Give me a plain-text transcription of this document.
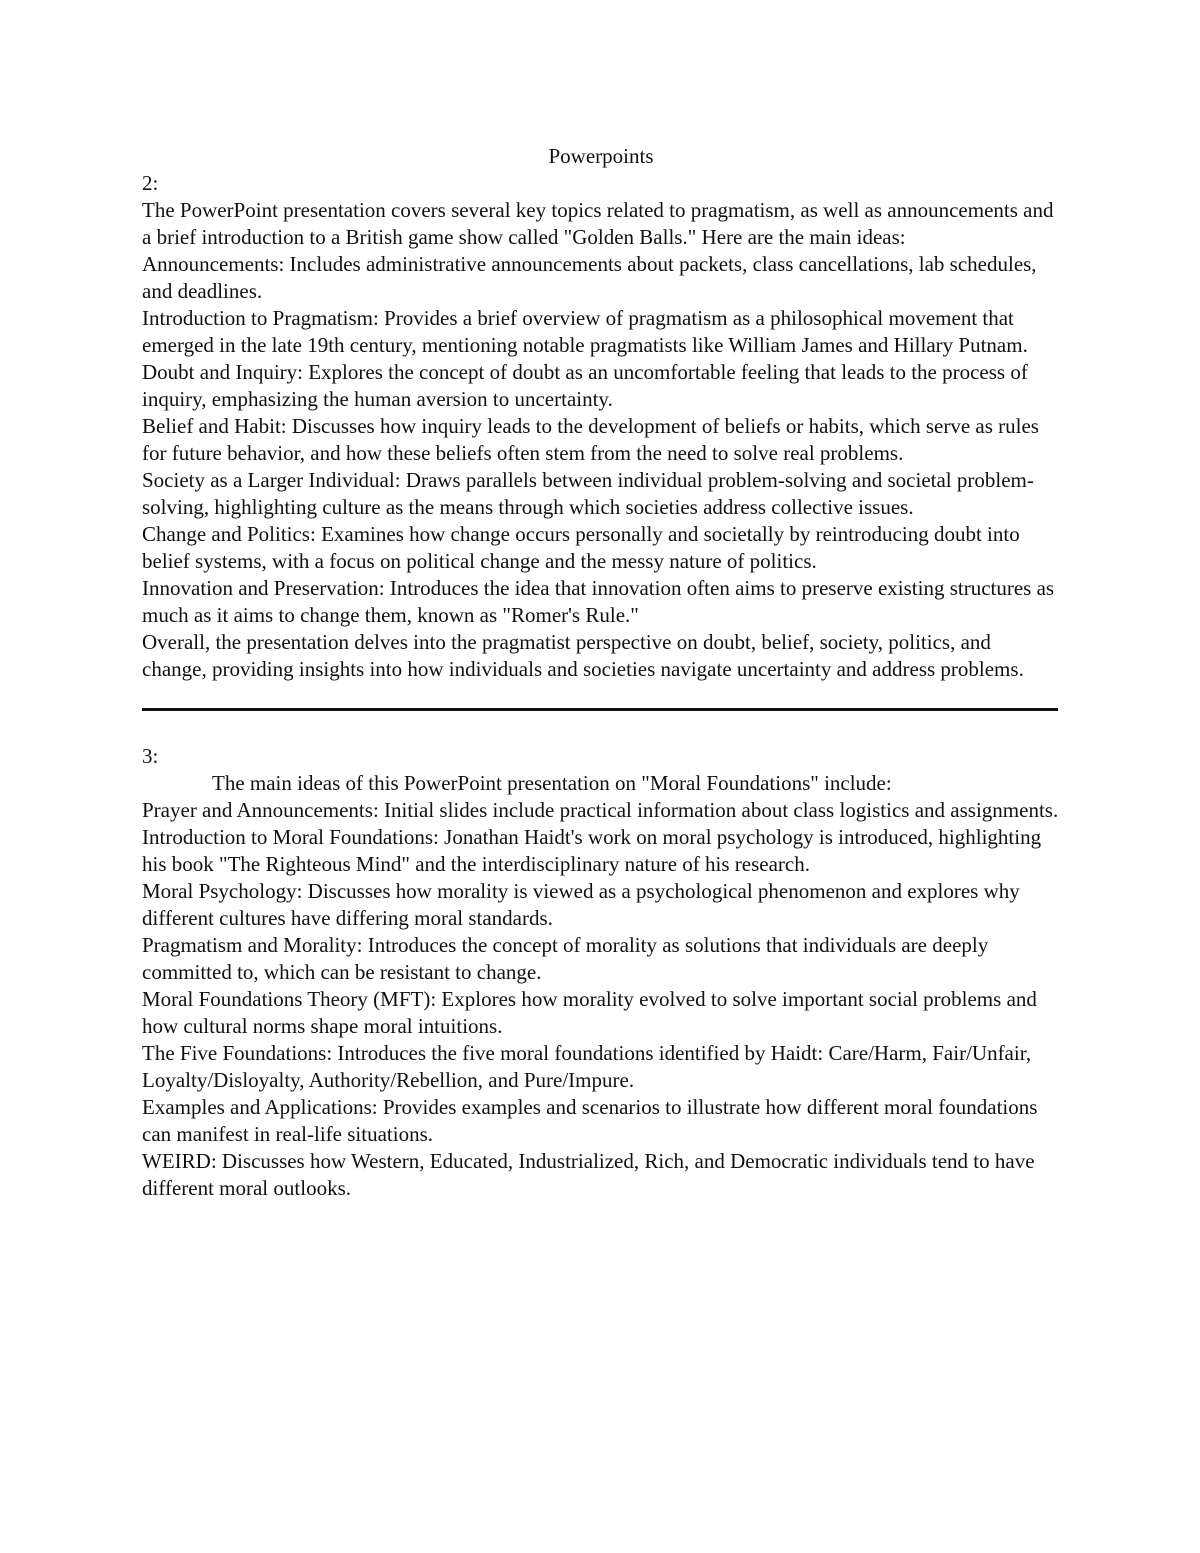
Powerpoints

2:

The PowerPoint presentation covers several key topics related to pragmatism, as well as announcements and a brief introduction to a British game show called "Golden Balls." Here are the main ideas:

Announcements: Includes administrative announcements about packets, class cancellations, lab schedules, and deadlines.

Introduction to Pragmatism: Provides a brief overview of pragmatism as a philosophical movement that emerged in the late 19th century, mentioning notable pragmatists like William James and Hillary Putnam.

Doubt and Inquiry: Explores the concept of doubt as an uncomfortable feeling that leads to the process of inquiry, emphasizing the human aversion to uncertainty.

Belief and Habit: Discusses how inquiry leads to the development of beliefs or habits, which serve as rules for future behavior, and how these beliefs often stem from the need to solve real problems.

Society as a Larger Individual: Draws parallels between individual problem-solving and societal problem-solving, highlighting culture as the means through which societies address collective issues.

Change and Politics: Examines how change occurs personally and societally by reintroducing doubt into belief systems, with a focus on political change and the messy nature of politics.

Innovation and Preservation: Introduces the idea that innovation often aims to preserve existing structures as much as it aims to change them, known as "Romer's Rule."

Overall, the presentation delves into the pragmatist perspective on doubt, belief, society, politics, and change, providing insights into how individuals and societies navigate uncertainty and address problems.

3:

The main ideas of this PowerPoint presentation on "Moral Foundations" include:

Prayer and Announcements: Initial slides include practical information about class logistics and assignments.

Introduction to Moral Foundations: Jonathan Haidt's work on moral psychology is introduced, highlighting his book "The Righteous Mind" and the interdisciplinary nature of his research.

Moral Psychology: Discusses how morality is viewed as a psychological phenomenon and explores why different cultures have differing moral standards.

Pragmatism and Morality: Introduces the concept of morality as solutions that individuals are deeply committed to, which can be resistant to change.

Moral Foundations Theory (MFT): Explores how morality evolved to solve important social problems and how cultural norms shape moral intuitions.

The Five Foundations: Introduces the five moral foundations identified by Haidt: Care/Harm, Fair/Unfair, Loyalty/Disloyalty, Authority/Rebellion, and Pure/Impure.

Examples and Applications: Provides examples and scenarios to illustrate how different moral foundations can manifest in real-life situations.

WEIRD: Discusses how Western, Educated, Industrialized, Rich, and Democratic individuals tend to have different moral outlooks.
